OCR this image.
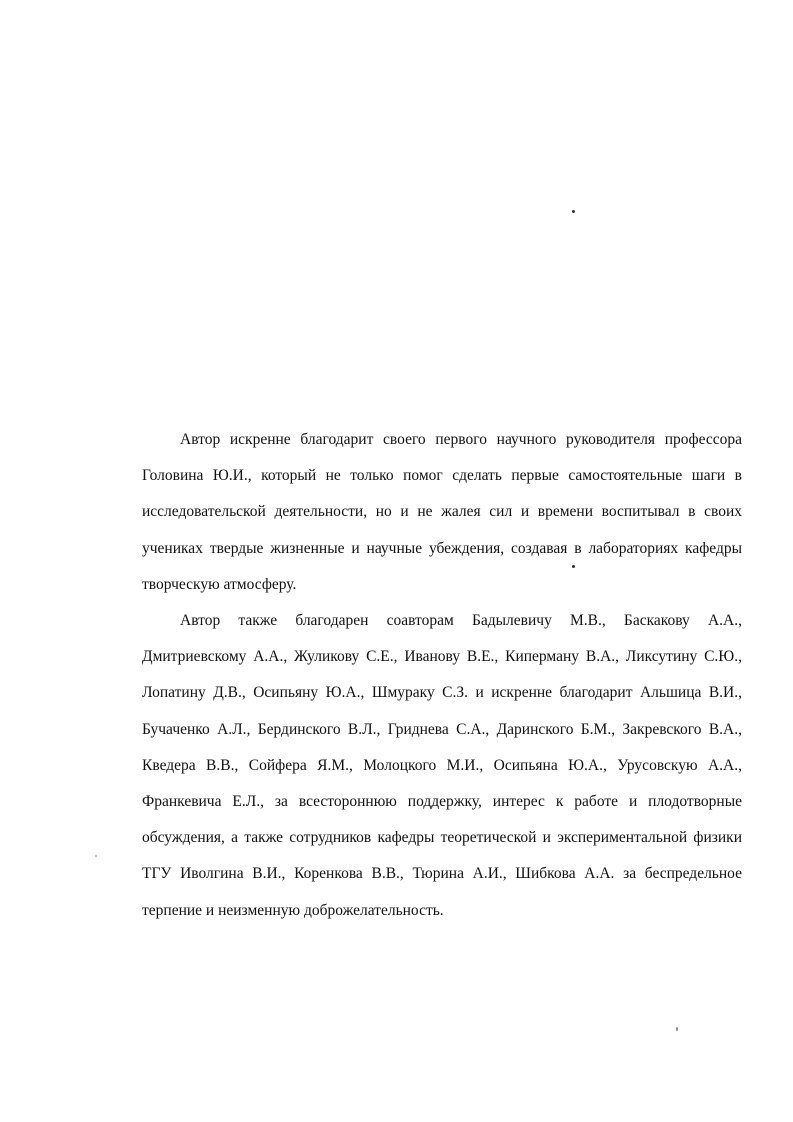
Автор искренне благодарит своего первого научного руководителя профессора Головина Ю.И., который не только помог сделать первые самостоятельные шаги в исследовательской деятельности, но и не жалея сил и времени воспитывал в своих учениках твердые жизненные и научные убеждения, создавая в лабораториях кафедры творческую атмосферу.

Автор также благодарен соавторам Бадылевичу М.В., Баскакову А.А., Дмитриевскому А.А., Жуликову С.Е., Иванову В.Е., Киперману В.А., Ликсутину С.Ю., Лопатину Д.В., Осипьяну Ю.А., Шмураку С.З. и искренне благодарит Альшица В.И., Бучаченко А.Л., Бердинского В.Л., Гриднева С.А., Даринского Б.М., Закревского В.А., Кведера В.В., Сойфера Я.М., Молоцкого М.И., Осипьяна Ю.А., Урусовскую А.А., Франкевича Е.Л., за всестороннюю поддержку, интерес к работе и плодотворные обсуждения, а также сотрудников кафедры теоретической и экспериментальной физики ТГУ Иволгина В.И., Коренкова В.В., Тюрина А.И., Шибкова А.А. за беспредельное терпение и неизменную доброжелательность.
